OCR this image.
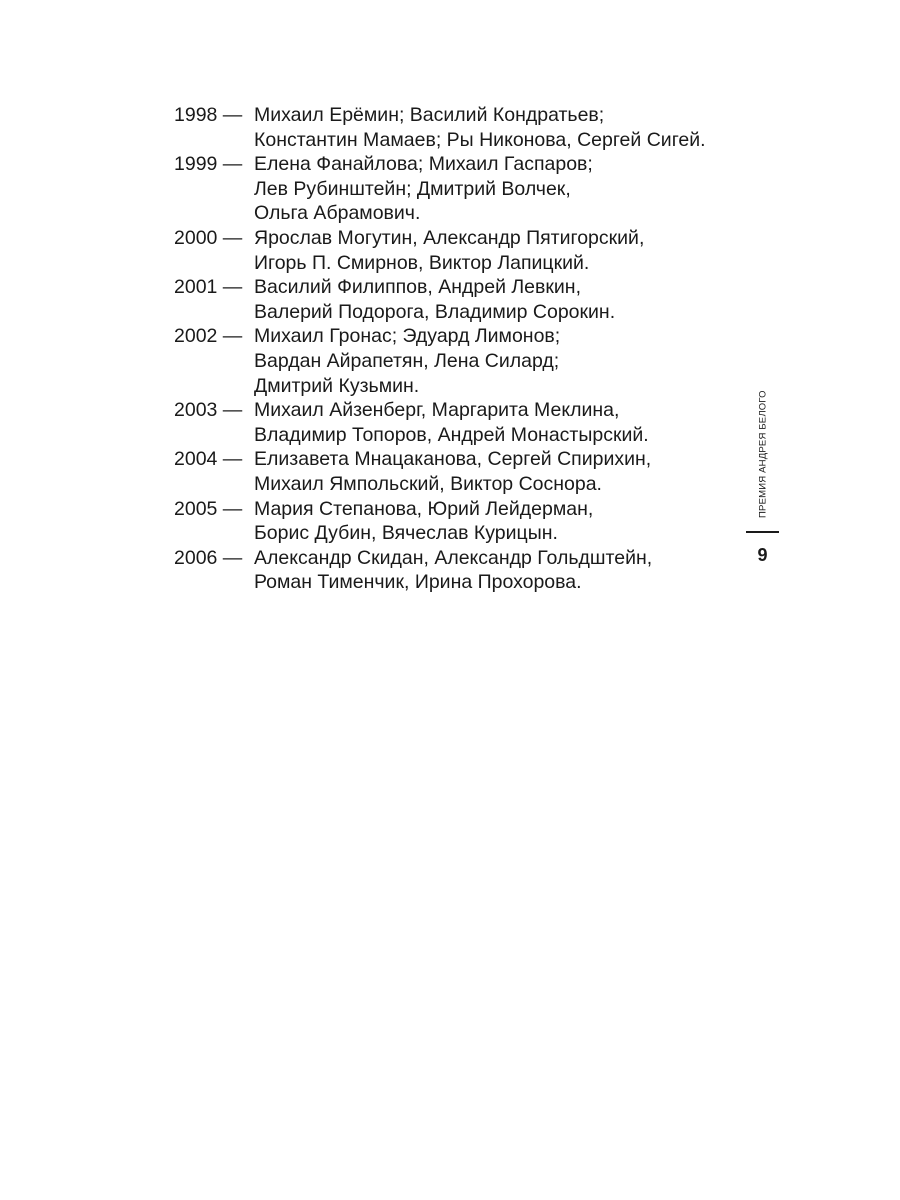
1998 — Михаил Ерёмин; Василий Кондратьев;
Константин Мамаев; Ры Никонова, Сергей Сигей.
1999 — Елена Фанайлова; Михаил Гаспаров;
Лев Рубинштейн; Дмитрий Волчек,
Ольга Абрамович.
2000 — Ярослав Могутин, Александр Пятигорский,
Игорь П. Смирнов, Виктор Лапицкий.
2001 — Василий Филиппов, Андрей Левкин,
Валерий Подорога, Владимир Сорокин.
2002 — Михаил Гронас; Эдуард Лимонов;
Вардан Айрапетян, Лена Силард;
Дмитрий Кузьмин.
2003 — Михаил Айзенберг, Маргарита Меклина,
Владимир Топоров, Андрей Монастырский.
2004 — Елизавета Мнацаканова, Сергей Спирихин,
Михаил Ямпольский, Виктор Соснора.
2005 — Мария Степанова, Юрий Лейдерман,
Борис Дубин, Вячеслав Курицын.
2006 — Александр Скидан, Александр Гольдштейн,
Роман Тименчик, Ирина Прохорова.
ПРЕМИЯ АНДРЕЯ БЕЛОГО
9
